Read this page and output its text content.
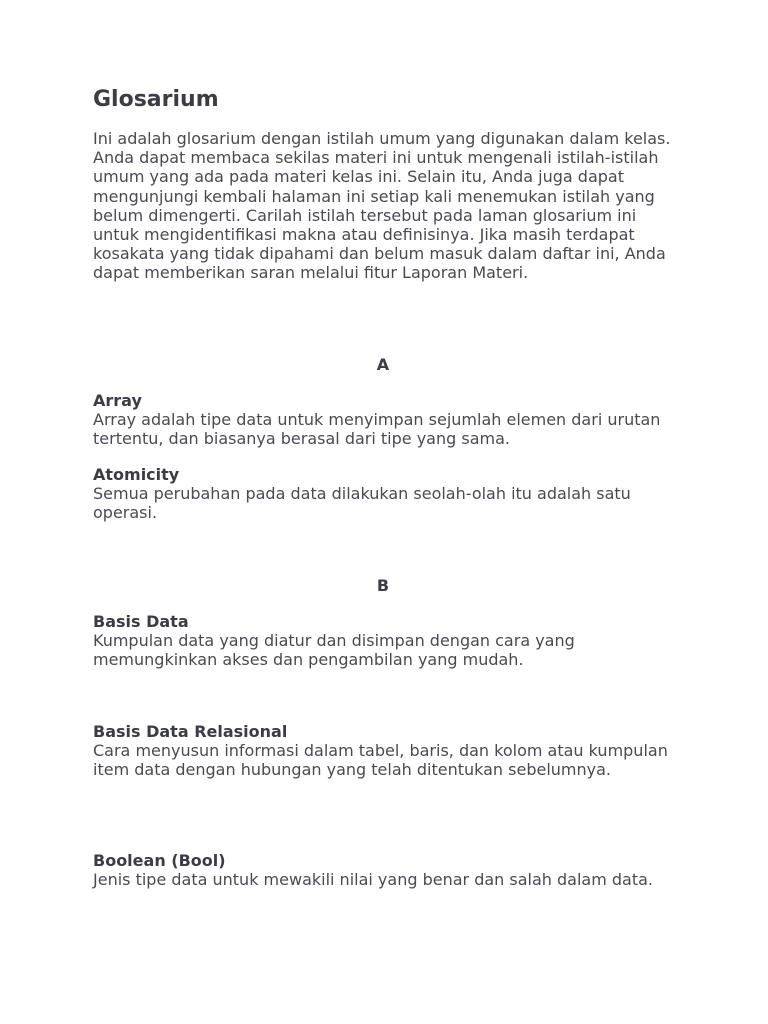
Glosarium

Ini adalah glosarium dengan istilah umum yang digunakan dalam kelas. Anda dapat membaca sekilas materi ini untuk mengenali istilah-istilah umum yang ada pada materi kelas ini. Selain itu, Anda juga dapat mengunjungi kembali halaman ini setiap kali menemukan istilah yang belum dimengerti. Carilah istilah tersebut pada laman glosarium ini untuk mengidentifikasi makna atau definisinya. Jika masih terdapat kosakata yang tidak dipahami dan belum masuk dalam daftar ini, Anda dapat memberikan saran melalui fitur Laporan Materi.

A
Array
Array adalah tipe data untuk menyimpan sejumlah elemen dari urutan tertentu, dan biasanya berasal dari tipe yang sama.
Atomicity
Semua perubahan pada data dilakukan seolah-olah itu adalah satu operasi.
B
Basis Data
Kumpulan data yang diatur dan disimpan dengan cara yang memungkinkan akses dan pengambilan yang mudah.
Basis Data Relasional
Cara menyusun informasi dalam tabel, baris, dan kolom atau kumpulan item data dengan hubungan yang telah ditentukan sebelumnya.
Boolean (Bool)
Jenis tipe data untuk mewakili nilai yang benar dan salah dalam data.
